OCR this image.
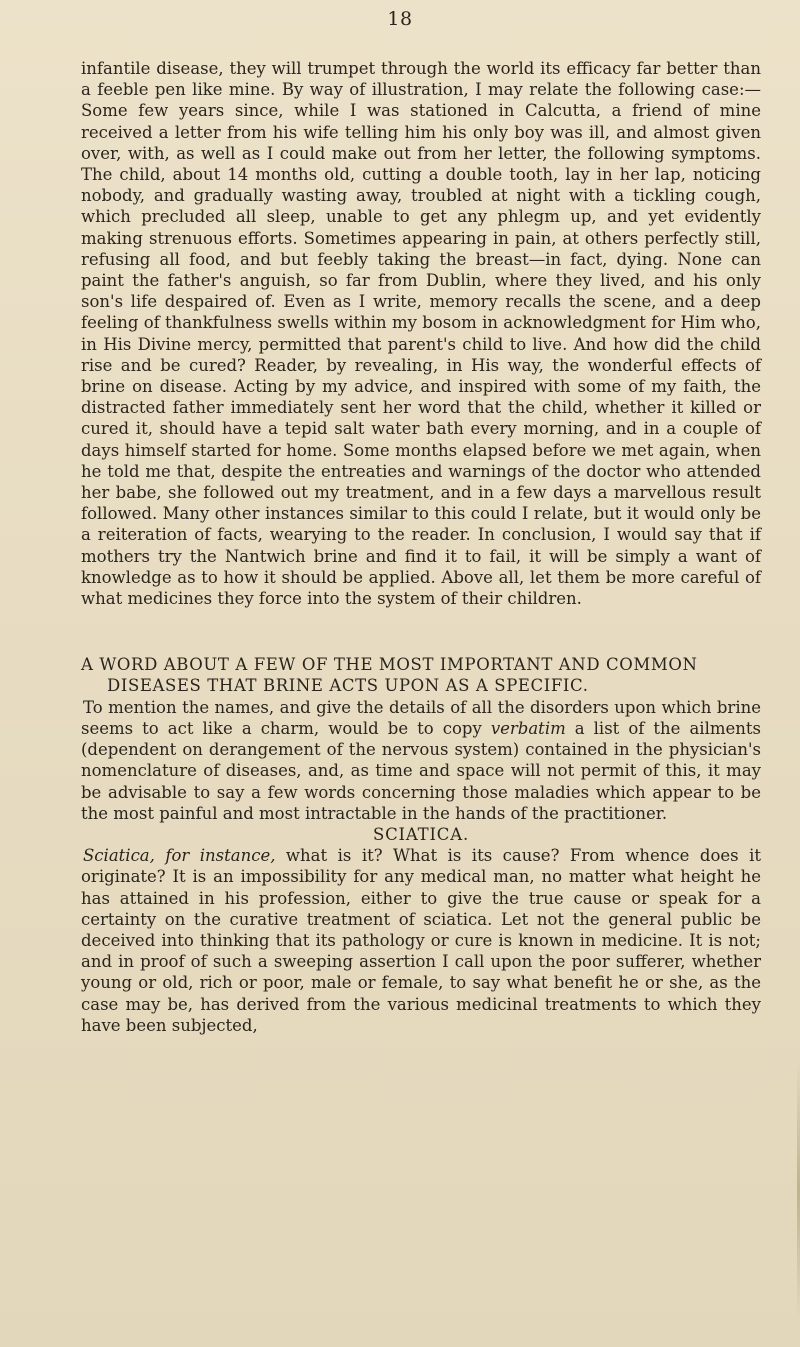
18

infantile disease, they will trumpet through the world its efficacy far better than a feeble pen like mine. By way of illustration, I may relate the following case:—Some few years since, while I was stationed in Calcutta, a friend of mine received a letter from his wife telling him his only boy was ill, and almost given over, with, as well as I could make out from her letter, the following symptoms. The child, about 14 months old, cutting a double tooth, lay in her lap, noticing nobody, and gradually wasting away, troubled at night with a tickling cough, which precluded all sleep, unable to get any phlegm up, and yet evidently making strenuous efforts. Sometimes appearing in pain, at others perfectly still, refusing all food, and but feebly taking the breast—in fact, dying. None can paint the father's anguish, so far from Dublin, where they lived, and his only son's life despaired of. Even as I write, memory recalls the scene, and a deep feeling of thankfulness swells within my bosom in acknowledgment for Him who, in His Divine mercy, permitted that parent's child to live. And how did the child rise and be cured? Reader, by revealing, in His way, the wonderful effects of brine on disease. Acting by my advice, and inspired with some of my faith, the distracted father immediately sent her word that the child, whether it killed or cured it, should have a tepid salt water bath every morning, and in a couple of days himself started for home. Some months elapsed before we met again, when he told me that, despite the entreaties and warnings of the doctor who attended her babe, she followed out my treatment, and in a few days a marvellous result followed. Many other instances similar to this could I relate, but it would only be a reiteration of facts, wearying to the reader. In conclusion, I would say that if mothers try the Nantwich brine and find it to fail, it will be simply a want of knowledge as to how it should be applied. Above all, let them be more careful of what medicines they force into the system of their children.

A WORD ABOUT A FEW OF THE MOST IMPORTANT AND COMMON DISEASES THAT BRINE ACTS UPON AS A SPECIFIC.

To mention the names, and give the details of all the disorders upon which brine seems to act like a charm, would be to copy verbatim a list of the ailments (dependent on derangement of the nervous system) contained in the physician's nomenclature of diseases, and, as time and space will not permit of this, it may be advisable to say a few words concerning those maladies which appear to be the most painful and most intractable in the hands of the practitioner.

SCIATICA.

Sciatica, for instance, what is it? What is its cause? From whence does it originate? It is an impossibility for any medical man, no matter what height he has attained in his profession, either to give the true cause or speak for a certainty on the curative treatment of sciatica. Let not the general public be deceived into thinking that its pathology or cure is known in medicine. It is not; and in proof of such a sweeping assertion I call upon the poor sufferer, whether young or old, rich or poor, male or female, to say what benefit he or she, as the case may be, has derived from the various medicinal treatments to which they have been subjected,
